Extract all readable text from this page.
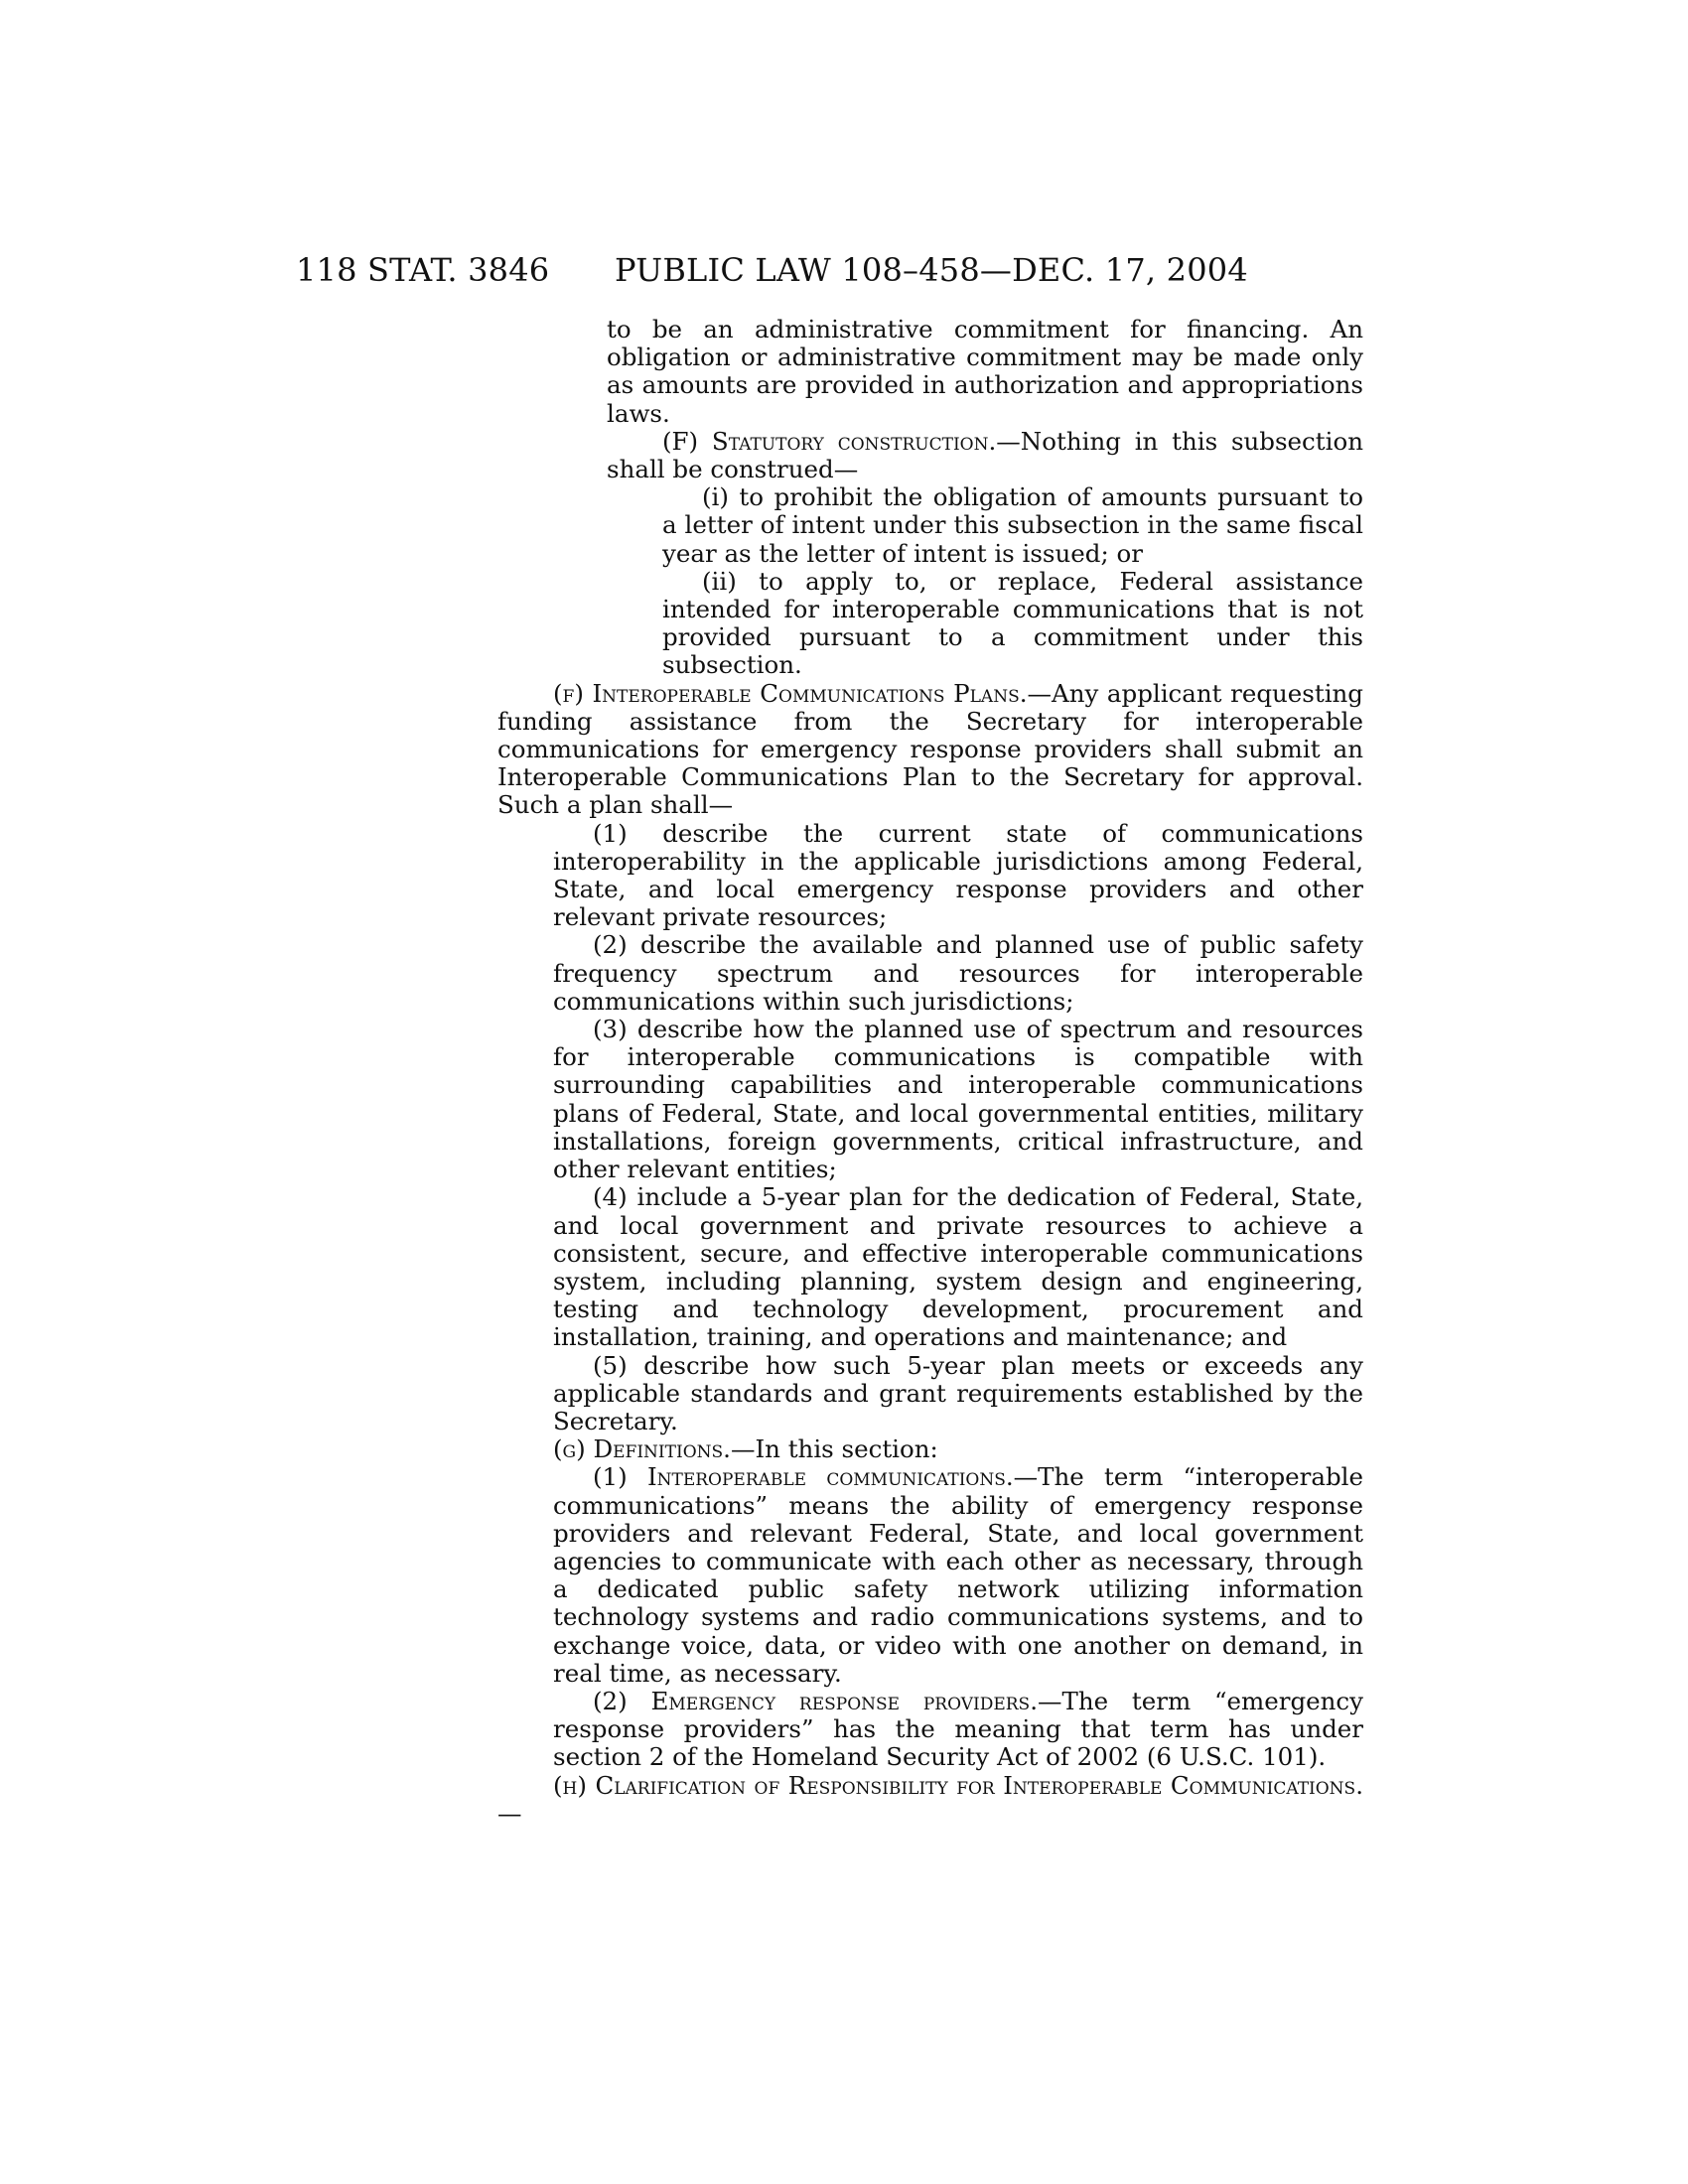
118 STAT. 3846 PUBLIC LAW 108–458—DEC. 17, 2004

to be an administrative commitment for financing. An obligation or administrative commitment may be made only as amounts are provided in authorization and appropriations laws.

(F) Statutory construction.—Nothing in this subsection shall be construed—

(i) to prohibit the obligation of amounts pursuant to a letter of intent under this subsection in the same fiscal year as the letter of intent is issued; or

(ii) to apply to, or replace, Federal assistance intended for interoperable communications that is not provided pursuant to a commitment under this subsection.

(f) Interoperable Communications Plans.—Any applicant requesting funding assistance from the Secretary for interoperable communications for emergency response providers shall submit an Interoperable Communications Plan to the Secretary for approval. Such a plan shall—

(1) describe the current state of communications interoperability in the applicable jurisdictions among Federal, State, and local emergency response providers and other relevant private resources;

(2) describe the available and planned use of public safety frequency spectrum and resources for interoperable communications within such jurisdictions;

(3) describe how the planned use of spectrum and resources for interoperable communications is compatible with surrounding capabilities and interoperable communications plans of Federal, State, and local governmental entities, military installations, foreign governments, critical infrastructure, and other relevant entities;

(4) include a 5-year plan for the dedication of Federal, State, and local government and private resources to achieve a consistent, secure, and effective interoperable communications system, including planning, system design and engineering, testing and technology development, procurement and installation, training, and operations and maintenance; and

(5) describe how such 5-year plan meets or exceeds any applicable standards and grant requirements established by the Secretary.

(g) Definitions.—In this section:

(1) Interoperable communications.—The term “interoperable communications” means the ability of emergency response providers and relevant Federal, State, and local government agencies to communicate with each other as necessary, through a dedicated public safety network utilizing information technology systems and radio communications systems, and to exchange voice, data, or video with one another on demand, in real time, as necessary.

(2) Emergency response providers.—The term “emergency response providers” has the meaning that term has under section 2 of the Homeland Security Act of 2002 (6 U.S.C. 101).

(h) Clarification of Responsibility for Interoperable Communications.—
